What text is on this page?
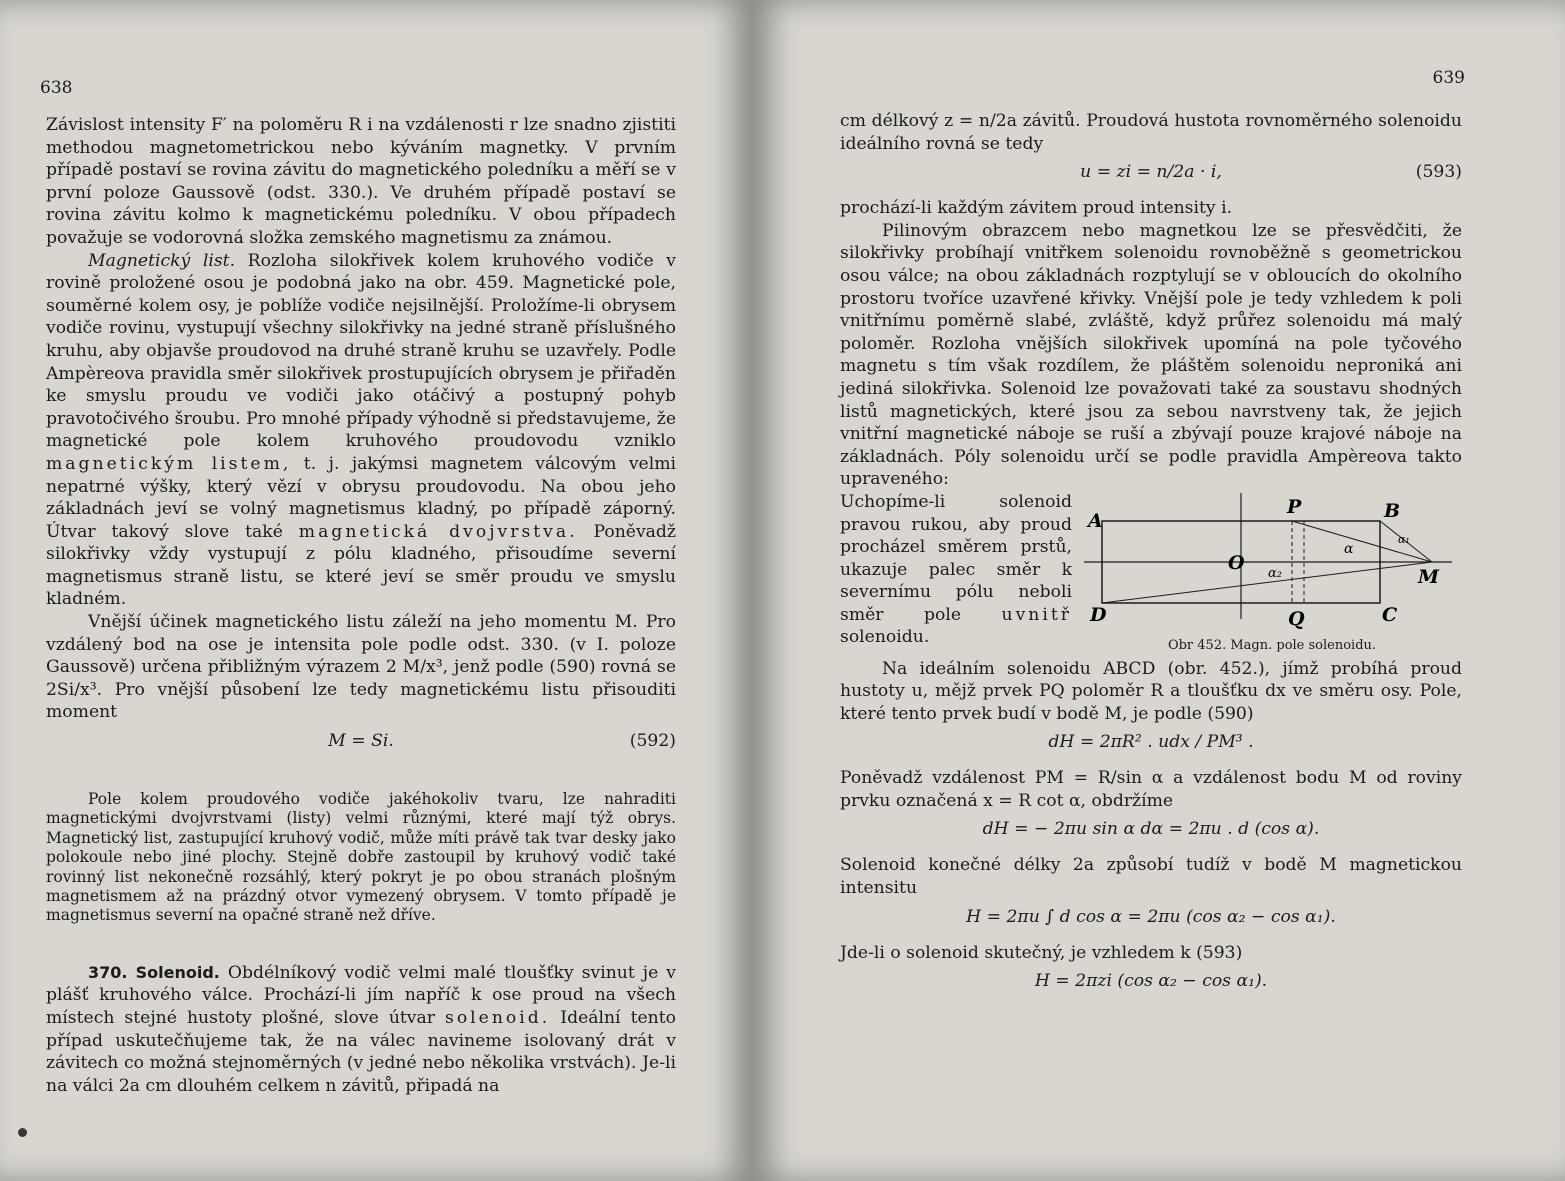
638

Závislost intensity F′ na poloměru R i na vzdálenosti r lze snadno zjistiti methodou magnetometrickou nebo kýváním magnetky. V prvním případě postaví se rovina závitu do magnetického poledníku a měří se v první poloze Gaussově (odst. 330.). Ve druhém případě postaví se rovina závitu kolmo k magnetickému poledníku. V obou případech považuje se vodorovná složka zemského magnetismu za známou.

Magnetický list. Rozloha silokřivek kolem kruhového vodiče v rovině proložené osou je podobná jako na obr. 459. Magnetické pole, souměrné kolem osy, je poblíže vodiče nejsilnější. Proložíme-li obrysem vodiče rovinu, vystupují všechny silokřivky na jedné straně příslušného kruhu, aby objavše proudovod na druhé straně kruhu se uzavřely. Podle Ampèreova pravidla směr silokřivek prostupujících obrysem je přiřaděn ke smyslu proudu ve vodiči jako otáčivý a postupný pohyb pravotočivého šroubu. Pro mnohé případy výhodně si představujeme, že magnetické pole kolem kruhového proudovodu vzniklo magnetickým listem, t. j. jakýmsi magnetem válcovým velmi nepatrné výšky, který vězí v obrysu proudovodu. Na obou jeho základnách jeví se volný magnetismus kladný, po případě záporný. Útvar takový slove také magnetická dvojvrstva. Poněvadž silokřivky vždy vystupují z pólu kladného, přisoudíme severní magnetismus straně listu, se které jeví se směr proudu ve smyslu kladném.

Vnější účinek magnetického listu záleží na jeho momentu M. Pro vzdálený bod na ose je intensita pole podle odst. 330. (v I. poloze Gaussově) určena přibližným výrazem 2 M/x³, jenž podle (590) rovná se 2Si/x³. Pro vnější působení lze tedy magnetickému listu přisouditi moment

M = Si.	(592)

Pole kolem proudového vodiče jakéhokoliv tvaru, lze nahraditi magnetickými dvojvrstvami (listy) velmi různými, které mají týž obrys. Magnetický list, zastupující kruhový vodič, může míti právě tak tvar desky jako polokoule nebo jiné plochy. Stejně dobře zastoupil by kruhový vodič také rovinný list nekonečně rozsáhlý, který pokryt je po obou stranách plošným magnetismem až na prázdný otvor vymezený obrysem. V tomto případě je magnetismus severní na opačné straně než dříve.

370. Solenoid. Obdélníkový vodič velmi malé tloušťky svinut je v plášť kruhového válce. Prochází-li jím napříč k ose proud na všech místech stejné hustoty plošné, slove útvar solenoid. Ideální tento případ uskutečňujeme tak, že na válec navineme isolovaný drát v závitech co možná stejnoměrných (v jedné nebo několika vrstvách). Je-li na válci 2a cm dlouhém celkem n závitů, připadá na

639

cm délkový z = n/2a závitů. Proudová hustota rovnoměrného solenoidu ideálního rovná se tedy

u = zi = n/2a · i,	(593)

prochází-li každým závitem proud intensity i.

Pilinovým obrazcem nebo magnetkou lze se přesvědčiti, že silokřivky probíhají vnitřkem solenoidu rovnoběžně s geometrickou osou válce; na obou základnách rozptylují se v obloucích do okolního prostoru tvoříce uzavřené křivky. Vnější pole je tedy vzhledem k poli vnitřnímu poměrně slabé, zvláště, když průřez solenoidu má malý poloměr. Rozloha vnějších silokřivek upomíná na pole tyčového magnetu s tím však rozdílem, že pláštěm solenoidu neproniká ani jediná silokřivka. Solenoid lze považovati také za soustavu shodných listů magnetických, které jsou za sebou navrstveny tak, že jejich vnitřní magnetické náboje se ruší a zbývají pouze krajové náboje na základnách. Póly solenoidu určí se podle pravidla Ampèreova takto upraveného:

Uchopíme-li solenoid pravou rukou, aby proud procházel směrem prstů, ukazuje palec směr k severnímu pólu neboli směr pole uvnitř solenoidu.
A	B
C
D
P
Q
O
M
α
α₁
α₂
Obr 452. Magn. pole solenoidu.

Na ideálním solenoidu ABCD (obr. 452.), jímž probíhá proud hustoty u, mějž prvek PQ poloměr R a tloušťku dx ve směru osy. Pole, které tento prvek budí v bodě M, je podle (590)

dH = 2πR² . udx / PM³ .

Poněvadž vzdálenost PM = R/sin α a vzdálenost bodu M od roviny prvku označená x = R cot α, obdržíme

dH = − 2πu sin α dα = 2πu . d (cos α).

Solenoid konečné délky 2a způsobí tudíž v bodě M magnetickou intensitu

H = 2πu ∫ d cos α = 2πu (cos α₂ − cos α₁).

Jde-li o solenoid skutečný, je vzhledem k (593)

H = 2πzi (cos α₂ − cos α₁).
